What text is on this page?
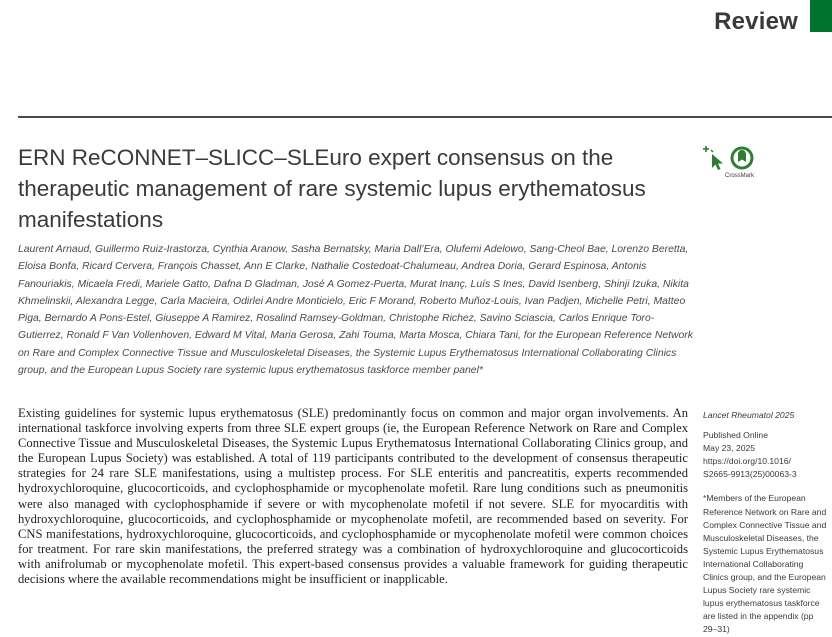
Review
ERN ReCONNET–SLICC–SLEuro expert consensus on the therapeutic management of rare systemic lupus erythematosus manifestations
CrossMark

Laurent Arnaud, Guillermo Ruiz-Irastorza, Cynthia Aranow, Sasha Bernatsky, Maria Dall’Era, Olufemi Adelowo, Sang-Cheol Bae, Lorenzo Beretta, Eloisa Bonfa, Ricard Cervera, François Chasset, Ann E Clarke, Nathalie Costedoat-Chalumeau, Andrea Doria, Gerard Espinosa, Antonis Fanouriakis, Micaela Fredi, Mariele Gatto, Dafna D Gladman, José A Gomez-Puerta, Murat Inanç, Luís S Ines, David Isenberg, Shinji Izuka, Nikita Khmelinskii, Alexandra Legge, Carla Macieira, Odirlei Andre Monticielo, Eric F Morand, Roberto Muñoz-Louis, Ivan Padjen, Michelle Petri, Matteo Piga, Bernardo A Pons-Estel, Giuseppe A Ramirez, Rosalind Ramsey-Goldman, Christophe Richez, Savino Sciascia, Carlos Enrique Toro-Gutierrez, Ronald F Van Vollenhoven, Edward M Vital, Maria Gerosa, Zahi Touma, Marta Mosca, Chiara Tani, for the European Reference Network on Rare and Complex Connective Tissue and Musculoskeletal Diseases, the Systemic Lupus Erythematosus International Collaborating Clinics group, and the European Lupus Society rare systemic lupus erythematosus taskforce member panel*

Existing guidelines for systemic lupus erythematosus (SLE) predominantly focus on common and major organ involvements. An international taskforce involving experts from three SLE expert groups (ie, the European Reference Network on Rare and Complex Connective Tissue and Musculoskeletal Diseases, the Systemic Lupus Erythematosus International Collaborating Clinics group, and the European Lupus Society) was established. A total of 119 participants contributed to the development of consensus therapeutic strategies for 24 rare SLE manifestations, using a multistep process. For SLE enteritis and pancreatitis, experts recommended hydroxychloroquine, glucocorticoids, and cyclophosphamide or mycophenolate mofetil. Rare lung conditions such as pneumonitis were also managed with cyclophosphamide if severe or with mycophenolate mofetil if not severe. SLE for myocarditis with hydroxychloroquine, glucocorticoids, and cyclophosphamide or mycophenolate mofetil, are recommended based on severity. For CNS manifestations, hydroxychloroquine, glucocorticoids, and cyclophosphamide or mycophenolate mofetil were common choices for treatment. For rare skin manifestations, the preferred strategy was a combination of hydroxychloroquine and glucocorticoids with anifrolumab or mycophenolate mofetil. This expert-based consensus provides a valuable framework for guiding therapeutic decisions where the available recommendations might be insufficient or inapplicable.

Lancet Rheumatol 2025
Published Online
May 23, 2025
https://doi.org/10.1016/
S2665-9913(25)00063-3
*Members of the European Reference Network on Rare and Complex Connective Tissue and Musculoskeletal Diseases, the Systemic Lupus Erythematosus International Collaborating Clinics group, and the European Lupus Society rare systemic lupus erythematosus taskforce are listed in the appendix (pp 29–31)
